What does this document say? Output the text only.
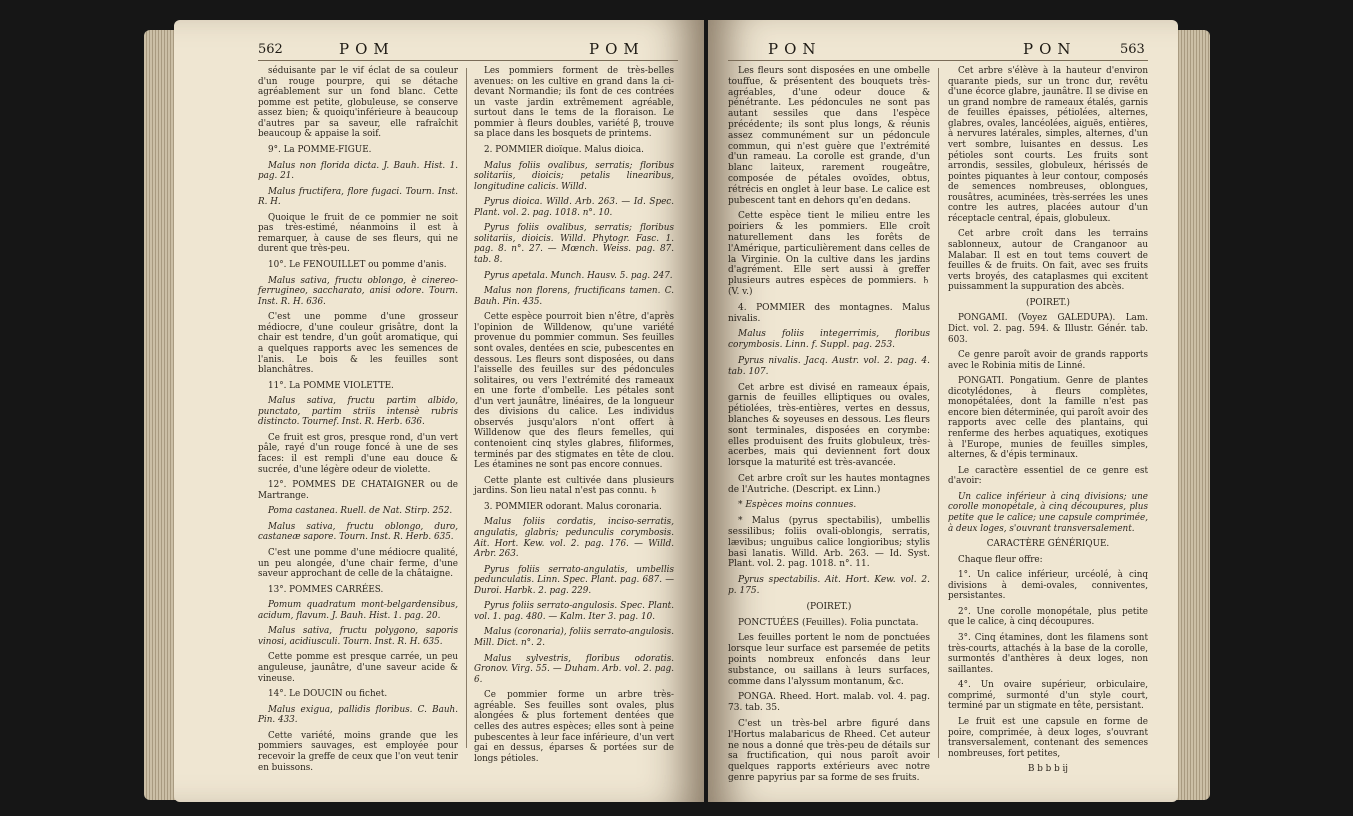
562	POM	POM

séduisante par le vif éclat de sa couleur d'un rouge pourpre, qui se détache agréablement sur un fond blanc. Cette pomme est petite, globuleuse, se conserve assez bien; & quoiqu'inférieure à beaucoup d'autres par sa saveur, elle rafraîchit beaucoup & appaise la soif.

9°. La POMME-FIGUE.

Malus non florida dicta. J. Bauh. Hist. 1. pag. 21.

Malus fructifera, flore fugaci. Tourn. Inst. R. H.

Quoique le fruit de ce pommier ne soit pas très-estimé, néanmoins il est à remarquer, à cause de ses fleurs, qui ne durent que très-peu.

10°. Le FENOUILLET ou pomme d'anis.

Malus sativa, fructu oblongo, è cinereo-ferrugineo, saccharato, anisi odore. Tourn. Inst. R. H. 636.

C'est une pomme d'une grosseur médiocre, d'une couleur grisâtre, dont la chair est tendre, d'un goût aromatique, qui a quelques rapports avec les semences de l'anis. Le bois & les feuilles sont blanchâtres.

11°. La POMME VIOLETTE.

Malus sativa, fructu partim albido, punctato, partim striis intensè rubris distincto. Tournef. Inst. R. Herb. 636.

Ce fruit est gros, presque rond, d'un vert pâle, rayé d'un rouge foncé à une de ses faces: il est rempli d'une eau douce & sucrée, d'une légère odeur de violette.

12°. POMMES DE CHATAIGNER ou de Martrange.

Poma castanea. Ruell. de Nat. Stirp. 252.

Malus sativa, fructu oblongo, duro, castaneæ sapore. Tourn. Inst. R. Herb. 635.

C'est une pomme d'une médiocre qualité, un peu alongée, d'une chair ferme, d'une saveur approchant de celle de la châtaigne.

13°. POMMES CARRÉES.

Pomum quadratum mont-belgardensibus, acidum, flavum. J. Bauh. Hist. 1. pag. 20.

Malus sativa, fructu polygono, saporis vinosi, acidiusculi. Tourn. Inst. R. H. 635.

Cette pomme est presque carrée, un peu anguleuse, jaunâtre, d'une saveur acide & vineuse.

14°. Le DOUCIN ou fichet.

Malus exigua, pallidis floribus. C. Bauh. Pin. 433.

Cette variété, moins grande que les pommiers sauvages, est employée pour recevoir la greffe de ceux que l'on veut tenir en buissons.

Les pommiers forment de très-belles avenues: on les cultive en grand dans la ci-devant Normandie; ils font de ces contrées un vaste jardin extrêmement agréable, surtout dans le tems de la floraison. Le pommier à fleurs doubles, variété β, trouve sa place dans les bosquets de printems.

2. POMMIER dioïque. Malus dioica.

Malus foliis ovalibus, serratis; floribus solitariis, dioicis; petalis linearibus, longitudine calicis. Willd.

Pyrus dioica. Willd. Arb. 263. — Id. Spec. Plant. vol. 2. pag. 1018. n°. 10.

Pyrus foliis ovalibus, serratis; floribus solitariis, dioicis. Willd. Phytogr. Fasc. 1. pag. 8. n°. 27. — Mœnch. Weiss. pag. 87. tab. 8.

Pyrus apetala. Munch. Hausv. 5. pag. 247.

Malus non florens, fructificans tamen. C. Bauh. Pin. 435.

Cette espèce pourroit bien n'être, d'après l'opinion de Willdenow, qu'une variété provenue du pommier commun. Ses feuilles sont ovales, dentées en scie, pubescentes en dessous. Les fleurs sont disposées, ou dans l'aisselle des feuilles sur des pédoncules solitaires, ou vers l'extrémité des rameaux en une forte d'ombelle. Les pétales sont d'un vert jaunâtre, linéaires, de la longueur des divisions du calice. Les individus observés jusqu'alors n'ont offert à Willdenow que des fleurs femelles, qui contenoient cinq styles glabres, filiformes, terminés par des stigmates en tête de clou. Les étamines ne sont pas encore connues.

Cette plante est cultivée dans plusieurs jardins. Son lieu natal n'est pas connu. ♄

3. POMMIER odorant. Malus coronaria.

Malus foliis cordatis, inciso-serratis, angulatis, glabris; pedunculis corymbosis. Ait. Hort. Kew. vol. 2. pag. 176. — Willd. Arbr. 263.

Pyrus foliis serrato-angulatis, umbellis pedunculatis. Linn. Spec. Plant. pag. 687. — Duroi. Harbk. 2. pag. 229.

Pyrus foliis serrato-angulosis. Spec. Plant. vol. 1. pag. 480. — Kalm. Iter 3. pag. 10.

Malus (coronaria), foliis serrato-angulosis. Mill. Dict. n°. 2.

Malus sylvestris, floribus odoratis. Gronov. Virg. 55. — Duham. Arb. vol. 2. pag. 6.

Ce pommier forme un arbre très-agréable. Ses feuilles sont ovales, plus alongées & plus fortement dentées que celles des autres espèces; elles sont à peine pubescentes à leur face inférieure, d'un vert gai en dessus, éparses & portées sur de longs pétioles.

PON	PON	563

Les fleurs sont disposées en une ombelle touffue, & présentent des bouquets très-agréables, d'une odeur douce & pénétrante. Les pédoncules ne sont pas autant sessiles que dans l'espèce précédente; ils sont plus longs, & réunis assez communément sur un pédoncule commun, qui n'est guère que l'extrémité d'un rameau. La corolle est grande, d'un blanc laiteux, rarement rougeâtre, composée de pétales ovoïdes, obtus, rétrécis en onglet à leur base. Le calice est pubescent tant en dehors qu'en dedans.

Cette espèce tient le milieu entre les poiriers & les pommiers. Elle croît naturellement dans les forêts de l'Amérique, particulièrement dans celles de la Virginie. On la cultive dans les jardins d'agrément. Elle sert aussi à greffer plusieurs autres espèces de pommiers. ♄ (V. v.)

4. POMMIER des montagnes. Malus nivalis.

Malus foliis integerrimis, floribus corymbosis. Linn. f. Suppl. pag. 253.

Pyrus nivalis. Jacq. Austr. vol. 2. pag. 4. tab. 107.

Cet arbre est divisé en rameaux épais, garnis de feuilles elliptiques ou ovales, pétiolées, très-entières, vertes en dessus, blanches & soyeuses en dessous. Les fleurs sont terminales, disposées en corymbe: elles produisent des fruits globuleux, très-acerbes, mais qui deviennent fort doux lorsque la maturité est très-avancée.

Cet arbre croît sur les hautes montagnes de l'Autriche. (Descript. ex Linn.)

* Espèces moins connues.

* Malus (pyrus spectabilis), umbellis sessilibus; foliis ovali-oblongis, serratis, lævibus; unguibus calice longioribus; stylis basi lanatis. Willd. Arb. 263. — Id. Syst. Plant. vol. 2. pag. 1018. n°. 11.

Pyrus spectabilis. Ait. Hort. Kew. vol. 2. p. 175.

(POIRET.)

PONCTUÉES (Feuilles). Folia punctata.

Les feuilles portent le nom de ponctuées lorsque leur surface est parsemée de petits points nombreux enfoncés dans leur substance, ou saillans à leurs surfaces, comme dans l'alyssum montanum, &c.

PONGA. Rheed. Hort. malab. vol. 4. pag. 73. tab. 35.

C'est un très-bel arbre figuré dans l'Hortus malabaricus de Rheed. Cet auteur ne nous a donné que très-peu de détails sur sa fructification, qui nous paroît avoir quelques rapports extérieurs avec notre genre papyrius par sa forme de ses fruits.

Cet arbre s'élève à la hauteur d'environ quarante pieds, sur un tronc dur, revêtu d'une écorce glabre, jaunâtre. Il se divise en un grand nombre de rameaux étalés, garnis de feuilles épaisses, pétiolées, alternes, glabres, ovales, lancéolées, aiguës, entières, à nervures latérales, simples, alternes, d'un vert sombre, luisantes en dessus. Les pétioles sont courts. Les fruits sont arrondis, sessiles, globuleux, hérissés de pointes piquantes à leur contour, composés de semences nombreuses, oblongues, rousâtres, acuminées, très-serrées les unes contre les autres, placées autour d'un réceptacle central, épais, globuleux.

Cet arbre croît dans les terrains sablonneux, autour de Cranganoor au Malabar. Il est en tout tems couvert de feuilles & de fruits. On fait, avec ses fruits verts broyés, des cataplasmes qui excitent puissamment la suppuration des abcès.

(POIRET.)

PONGAMI. (Voyez GALEDUPA). Lam. Dict. vol. 2. pag. 594. & Illustr. Génér. tab. 603.

Ce genre paroît avoir de grands rapports avec le Robinia mitis de Linné.

PONGATI. Pongatium. Genre de plantes dicotylédones, à fleurs complètes, monopétalées, dont la famille n'est pas encore bien déterminée, qui paroît avoir des rapports avec celle des plantains, qui renferme des herbes aquatiques, exotiques à l'Europe, munies de feuilles simples, alternes, & d'épis terminaux.

Le caractère essentiel de ce genre est d'avoir:

Un calice inférieur à cinq divisions; une corolle monopétale, à cinq découpures, plus petite que le calice; une capsule comprimée, à deux loges, s'ouvrant transversalement.

CARACTÈRE GÉNÉRIQUE.

Chaque fleur offre:

1°. Un calice inférieur, urcéolé, à cinq divisions à demi-ovales, conniventes, persistantes.

2°. Une corolle monopétale, plus petite que le calice, à cinq découpures.

3°. Cinq étamines, dont les filamens sont très-courts, attachés à la base de la corolle, surmontés d'anthères à deux loges, non saillantes.

4°. Un ovaire supérieur, orbiculaire, comprimé, surmonté d'un style court, terminé par un stigmate en tête, persistant.

Le fruit est une capsule en forme de poire, comprimée, à deux loges, s'ouvrant transversalement, contenant des semences nombreuses, fort petites,

B b b b ij
